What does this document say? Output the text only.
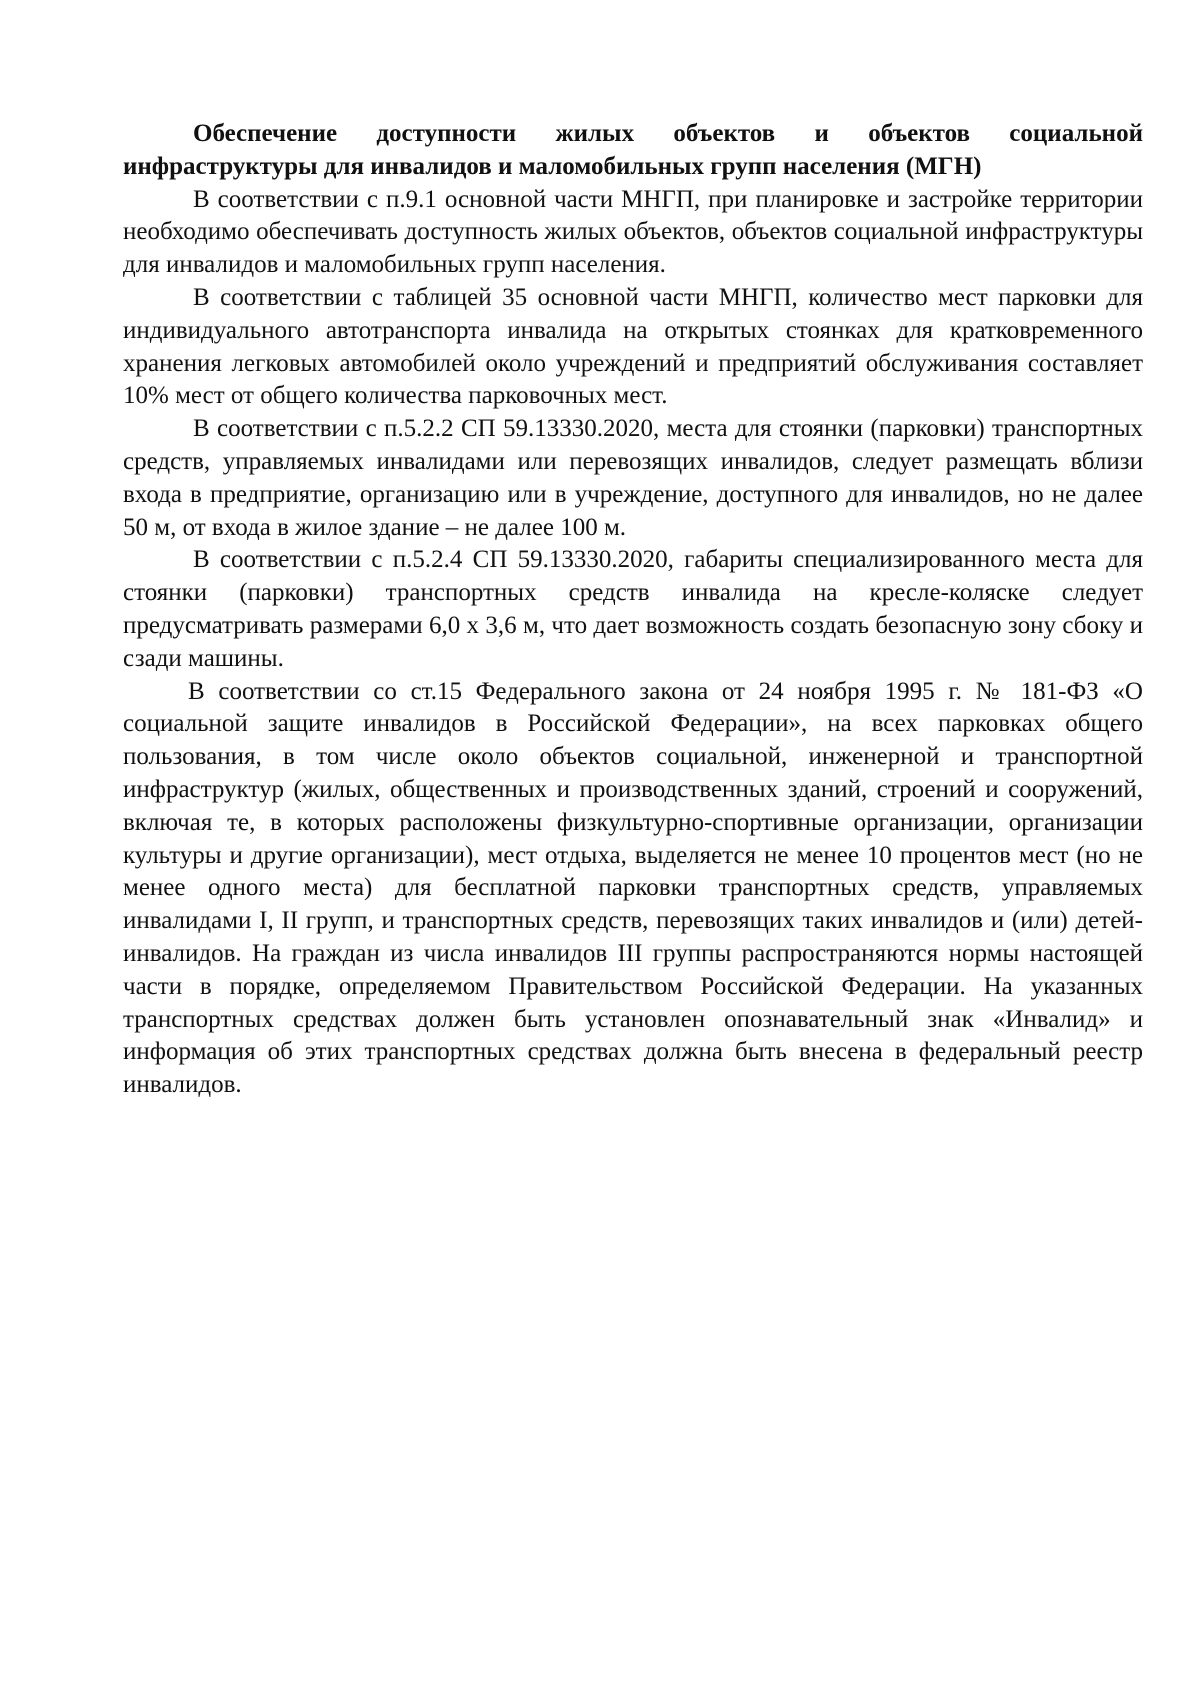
Обеспечение доступности жилых объектов и объектов социальной инфраструктуры для инвалидов и маломобильных групп населения (МГН)

В соответствии с п.9.1 основной части МНГП, при планировке и застройке территории необходимо обеспечивать доступность жилых объектов, объектов социальной инфраструктуры для инвалидов и маломобильных групп населения.

В соответствии с таблицей 35 основной части МНГП, количество мест парковки для индивидуального автотранспорта инвалида на открытых стоянках для кратковременного хранения легковых автомобилей около учреждений и предприятий обслуживания составляет 10% мест от общего количества парковочных мест.

В соответствии с п.5.2.2 СП 59.13330.2020, места для стоянки (парковки) транспортных средств, управляемых инвалидами или перевозящих инвалидов, следует размещать вблизи входа в предприятие, организацию или в учреждение, доступного для инвалидов, но не далее 50 м, от входа в жилое здание – не далее 100 м.

В соответствии с п.5.2.4 СП 59.13330.2020, габариты специализированного места для стоянки (парковки) транспортных средств инвалида на кресле-коляске следует предусматривать размерами 6,0 х 3,6 м, что дает возможность создать безопасную зону сбоку и сзади машины.

В соответствии со ст.15 Федерального закона от 24 ноября 1995 г. № 181-ФЗ «О социальной защите инвалидов в Российской Федерации», на всех парковках общего пользования, в том числе около объектов социальной, инженерной и транспортной инфраструктур (жилых, общественных и производственных зданий, строений и сооружений, включая те, в которых расположены физкультурно-спортивные организации, организации культуры и другие организации), мест отдыха, выделяется не менее 10 процентов мест (но не менее одного места) для бесплатной парковки транспортных средств, управляемых инвалидами I, II групп, и транспортных средств, перевозящих таких инвалидов и (или) детей-инвалидов. На граждан из числа инвалидов III группы распространяются нормы настоящей части в порядке, определяемом Правительством Российской Федерации. На указанных транспортных средствах должен быть установлен опознавательный знак «Инвалид» и информация об этих транспортных средствах должна быть внесена в федеральный реестр инвалидов.
